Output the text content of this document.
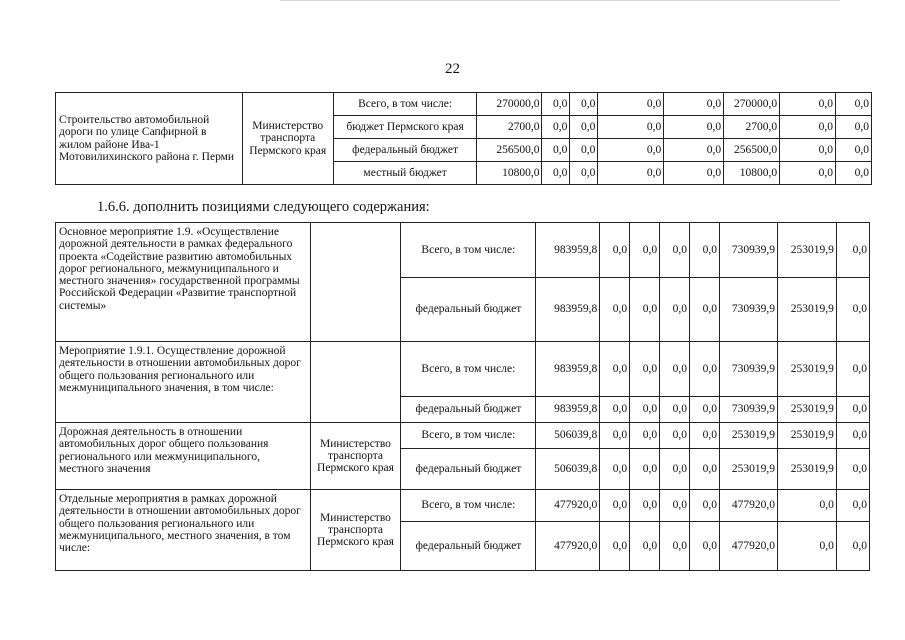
22
Строительство автомобильной дороги по улице Сапфирной в жилом районе Ива-1 Мотовилихинского района г. Перми	Министерство транспорта Пермского края	Всего, в том числе:	270000,0	0,0	0,0	0,0	0,0	270000,0	0,0	0,0
		бюджет Пермского края	2700,0	0,0	0,0	0,0	0,0	2700,0	0,0	0,0
		федеральный бюджет	256500,0	0,0	0,0	0,0	0,0	256500,0	0,0	0,0
		местный бюджет	10800,0	0,0	0,0	0,0	0,0	10800,0	0,0	0,0
1.6.6. дополнить позициями следующего содержания:
Основное мероприятие 1.9. «Осуществление дорожной деятельности в рамках федерального проекта «Содействие развитию автомобильных дорог регионального, межмуниципального и местного значения» государственной программы Российской Федерации «Развитие транспортной системы»		Всего, в том числе:	983959,8	0,0	0,0	0,0	0,0	730939,9	253019,9	0,0
		федеральный бюджет	983959,8	0,0	0,0	0,0	0,0	730939,9	253019,9	0,0
Мероприятие 1.9.1. Осуществление дорожной деятельности в отношении автомобильных дорог общего пользования регионального или межмуниципального значения, в том числе:		Всего, в том числе:	983959,8	0,0	0,0	0,0	0,0	730939,9	253019,9	0,0
		федеральный бюджет	983959,8	0,0	0,0	0,0	0,0	730939,9	253019,9	0,0
Дорожная деятельность в отношении автомобильных дорог общего пользования регионального или межмуниципального, местного значения	Министерство транспорта Пермского края	Всего, в том числе:	506039,8	0,0	0,0	0,0	0,0	253019,9	253019,9	0,0
		федеральный бюджет	506039,8	0,0	0,0	0,0	0,0	253019,9	253019,9	0,0
Отдельные мероприятия в рамках дорожной деятельности в отношении автомобильных дорог общего пользования регионального или межмуниципального, местного значения, в том числе:	Министерство транспорта Пермского края	Всего, в том числе:	477920,0	0,0	0,0	0,0	0,0	477920,0	0,0	0,0
		федеральный бюджет	477920,0	0,0	0,0	0,0	0,0	477920,0	0,0	0,0
